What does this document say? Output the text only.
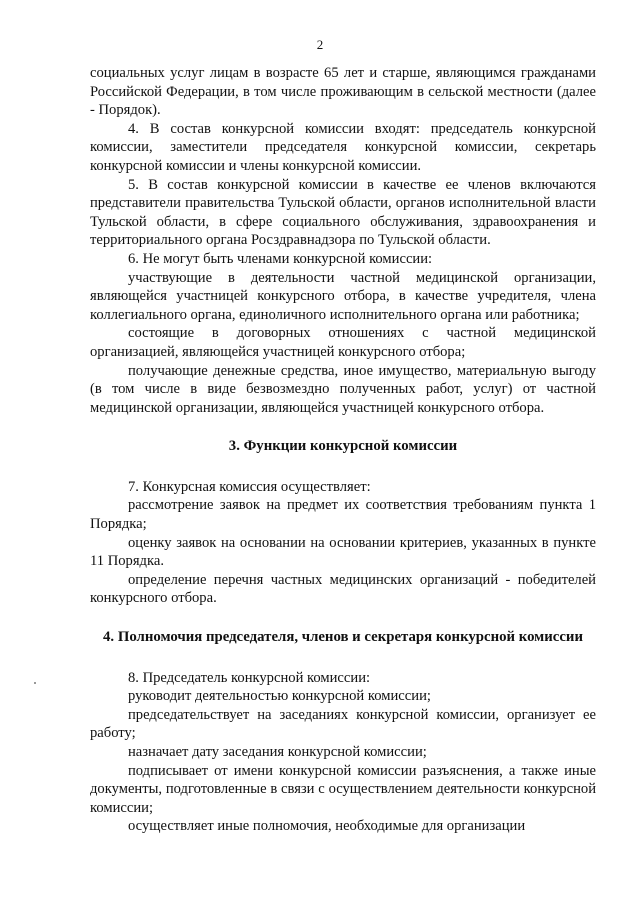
2

социальных услуг лицам в возрасте 65 лет и старше, являющимся гражданами Российской Федерации, в том числе проживающим в сельской местности (далее - Порядок).

4. В состав конкурсной комиссии входят: председатель конкурсной комиссии, заместители председателя конкурсной комиссии, секретарь конкурсной комиссии и члены конкурсной комиссии.

5. В состав конкурсной комиссии в качестве ее членов включаются представители правительства Тульской области, органов исполнительной власти Тульской области, в сфере социального обслуживания, здравоохранения и территориального органа Росздравнадзора по Тульской области.

6. Не могут быть членами конкурсной комиссии:

участвующие в деятельности частной медицинской организации, являющейся участницей конкурсного отбора, в качестве учредителя, члена коллегиального органа, единоличного исполнительного органа или работника;

состоящие в договорных отношениях с частной медицинской организацией, являющейся участницей конкурсного отбора;

получающие денежные средства, иное имущество, материальную выгоду (в том числе в виде безвозмездно полученных работ, услуг) от частной медицинской организации, являющейся участницей конкурсного отбора.

3. Функции конкурсной комиссии

7. Конкурсная комиссия осуществляет:

рассмотрение заявок на предмет их соответствия требованиям пункта 1 Порядка;

оценку заявок на основании на основании критериев, указанных в пункте 11 Порядка.

определение перечня частных медицинских организаций - победителей конкурсного отбора.

4. Полномочия председателя, членов и секретаря конкурсной комиссии

8. Председатель конкурсной комиссии:

руководит деятельностью конкурсной комиссии;

председательствует на заседаниях конкурсной комиссии, организует ее работу;

назначает дату заседания конкурсной комиссии;

подписывает от имени конкурсной комиссии разъяснения, а также иные документы, подготовленные в связи с осуществлением деятельности конкурсной комиссии;

осуществляет иные полномочия, необходимые для организации
